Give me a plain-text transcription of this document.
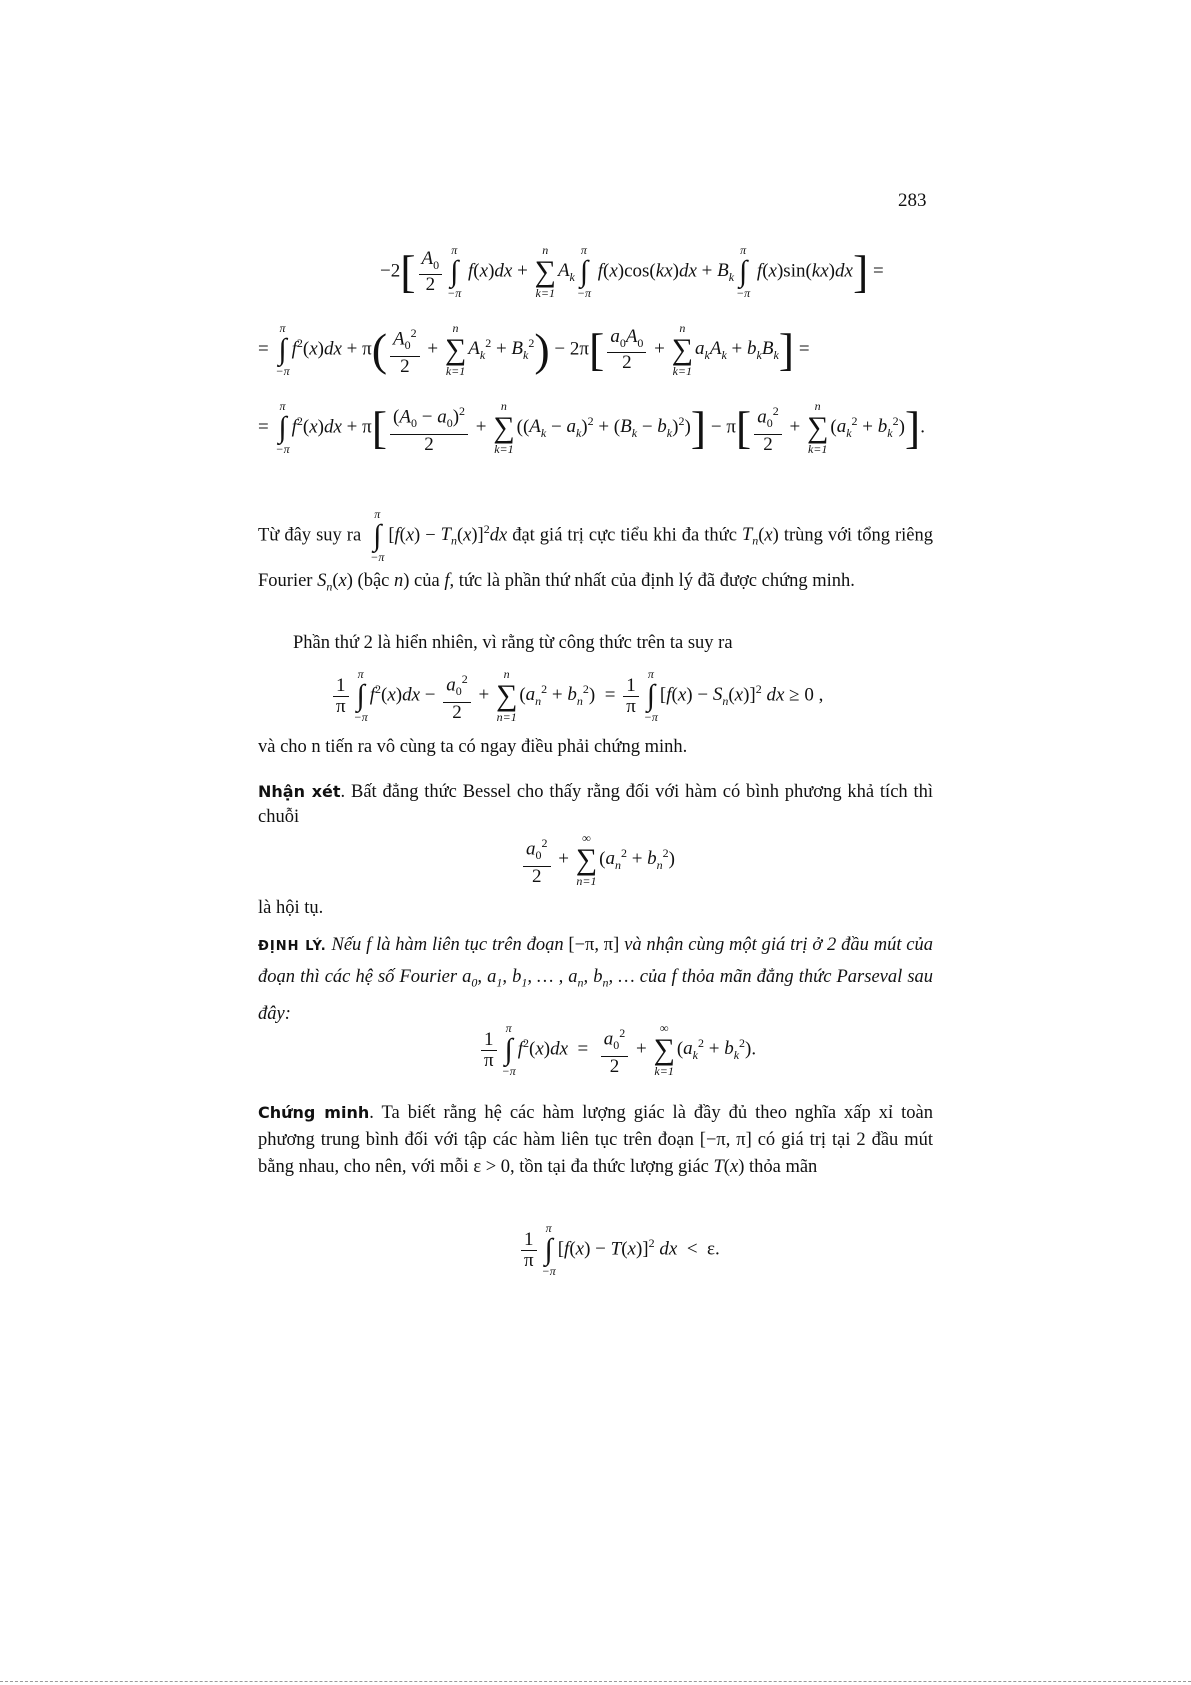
283
$-2[ \frac{A_0}{2}$ π
∫
−π
f(x)dx +
n
∑
k=1
$A_k$
π
∫
−π
$f(x)\cos(kx)dx + B_k$
π
∫
−π
f(x)sin(kx)dx] =
=
π
∫
−π
$f^2(x)dx + \pi( \frac{A_0^2}{2}$ +
n
∑
k=1
$A_k^2 + B_k^2) - 2\pi[ \frac{a_0A_0}{2}$ +
n
∑
k=1
$a_kA_k + b_kB_k$] =
=
π
∫
−π
$f^2(x)dx + \pi[ \frac{(A_0 - a_0)^2}{2}$ +
n
∑
k=1
$((A_k - a_k)^2 + (B_k - b_k)^2)] - \pi[ \frac{a_0^2}{2}$ +
n
∑
k=1
$(a_k^2 + b_k^2)$].
Từ đây suy ra
π
∫
−π
$[f(x) - T_n(x)]^2dx$ đạt giá trị cực tiểu khi đa thức $T_n(x)$ trùng với tổng riêng Fourier $S_n(x)$ (bậc n) của f, tức là phần thứ nhất của định lý đã được chứng minh.
Phần thứ 2 là hiển nhiên, vì rằng từ công thức trên ta suy ra
$\frac{1}{\pi}$
π
∫
−π
$f^2(x)dx - \frac{a_0^2}{2}$ +
n
∑
n=1
$(a_n^2 + b_n^2) = \frac{1}{\pi}$
π
∫
−π
$[f(x) - S_n(x)]^2$ dx ≥ 0 ,
và cho n tiến ra vô cùng ta có ngay điều phải chứng minh.
Nhận xét. Bất đẳng thức Bessel cho thấy rằng đối với hàm có bình phương khả tích thì chuỗi
$\frac{a_0^2}{2}$ +
∞
∑
n=1
$(a_n^2 + b_n^2)$
là hội tụ.
ĐỊNH LÝ. Nếu f là hàm liên tục trên đoạn [−π, π] và nhận cùng một giá trị ở 2 đầu mút của đoạn thì các hệ số Fourier $a_0$, $a_1$, $b_1$, … , $a_n$, $b_n$, … của f thỏa mãn đẳng thức Parseval sau đây:
$\frac{1}{\pi}$
π
∫
−π
$f^2(x)dx = \frac{a_0^2}{2}$ +
∞
∑
k=1
$(a_k^2 + b_k^2)$.
Chứng minh. Ta biết rằng hệ các hàm lượng giác là đầy đủ theo nghĩa xấp xỉ toàn phương trung bình đối với tập các hàm liên tục trên đoạn [−π, π] có giá trị tại 2 đầu mút bằng nhau, cho nên, với mỗi ε > 0, tồn tại đa thức lượng giác T(x) thỏa mãn
$\frac{1}{\pi}$
π
∫
−π
$[f(x) - T(x)]^2$ dx  <  ε.
